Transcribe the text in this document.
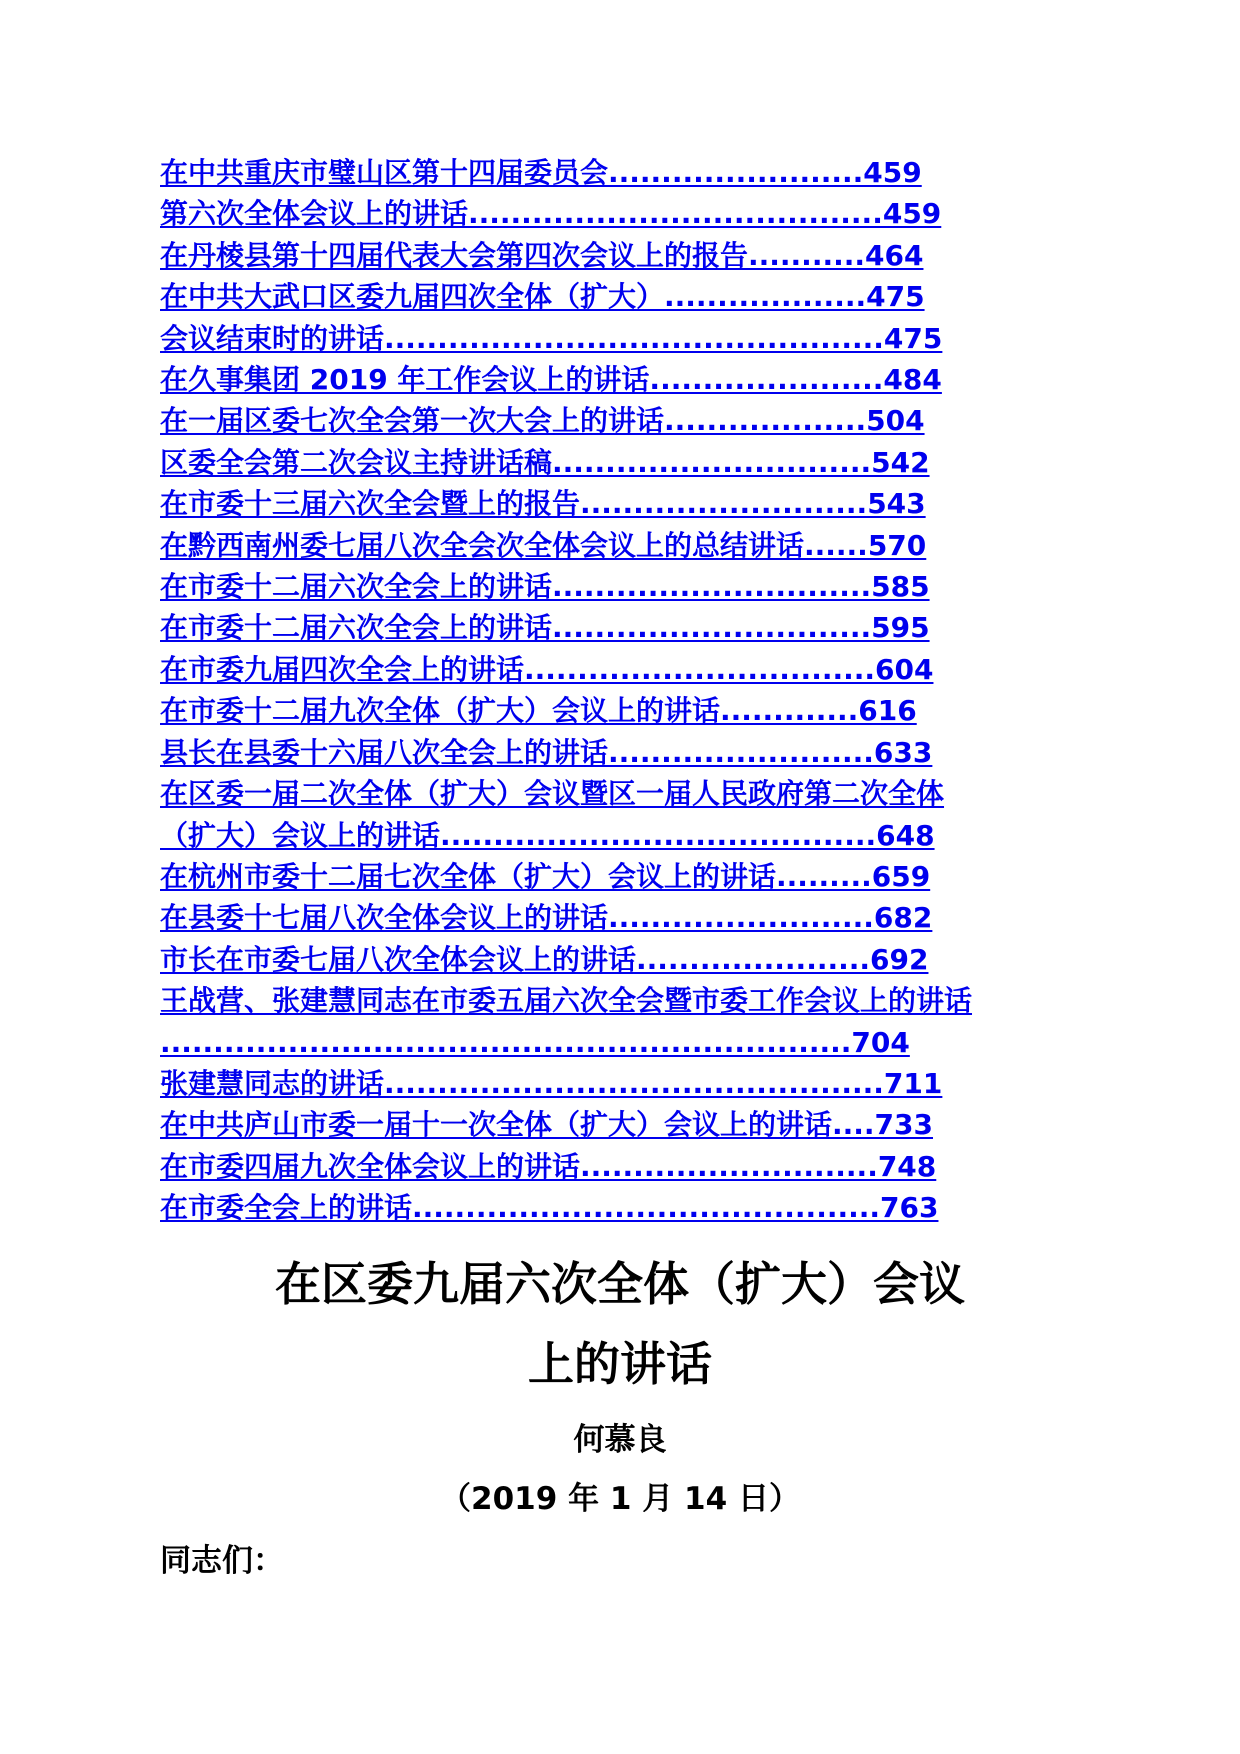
在中共重庆市璧山区第十四届委员会........................459
第六次全体会议上的讲话.......................................459
在丹棱县第十四届代表大会第四次会议上的报告...........464
在中共大武口区委九届四次全体（扩大）...................475
会议结束时的讲话...............................................475
在久事集团 2019 年工作会议上的讲话......................484
在一届区委七次全会第一次大会上的讲话...................504
区委全会第二次会议主持讲话稿..............................542
在市委十三届六次全会暨上的报告...........................543
在黔西南州委七届八次全会次全体会议上的总结讲话......570
在市委十二届六次全会上的讲话..............................585
在市委十二届六次全会上的讲话..............................595
在市委九届四次全会上的讲话.................................604
在市委十二届九次全体（扩大）会议上的讲话.............616
县长在县委十六届八次全会上的讲话.........................633
在区委一届二次全体（扩大）会议暨区一届人民政府第二次全体
（扩大）会议上的讲话.........................................648
在杭州市委十二届七次全体（扩大）会议上的讲话.........659
在县委十七届八次全体会议上的讲话.........................682
市长在市委七届八次全体会议上的讲话......................692
王战营、张建慧同志在市委五届六次全会暨市委工作会议上的讲话
.................................................................704
张建慧同志的讲话...............................................711
在中共庐山市委一届十一次全体（扩大）会议上的讲话....733
在市委四届九次全体会议上的讲话............................748
在市委全会上的讲话............................................763
在区委九届六次全体（扩大）会议
上的讲话
何慕良
（2019 年 1 月 14 日）
同志们：
